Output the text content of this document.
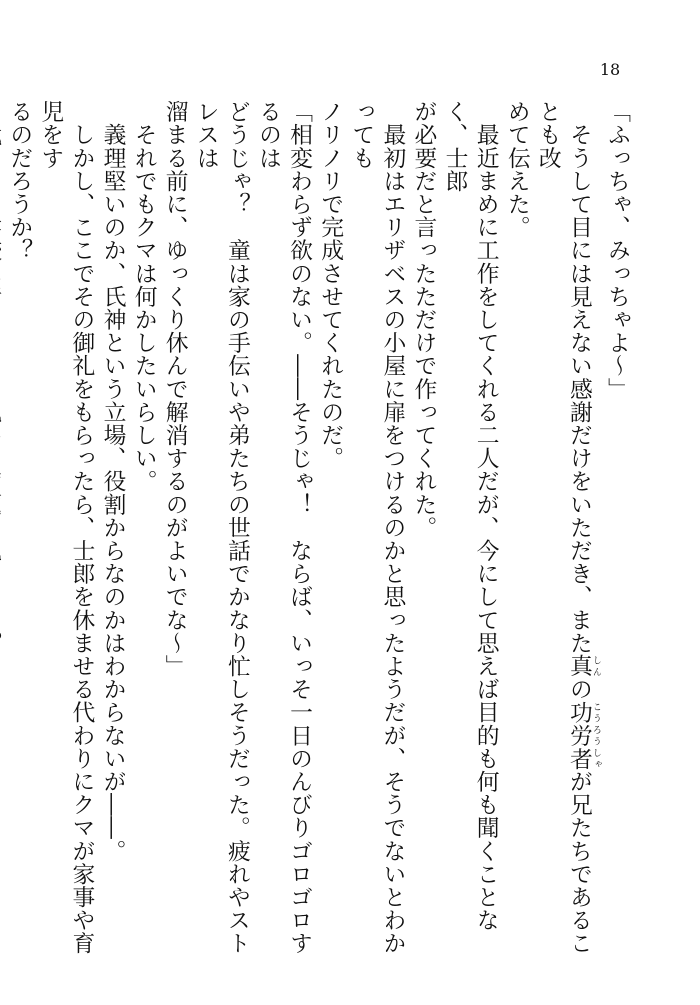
18

「ふっちゃ、みっちゃよ～」

　そうして目には見えない感謝だけをいただき、また真 しんの功労者 こうろうしゃが兄たちであることも改

めて伝えた。

　最近まめに工作をしてくれる二人だが、今にして思えば目的も何も聞くことなく、士郎

が必要だと言ったただけで作ってくれた。

　最初はエリザベスの小屋に扉をつけるのかと思ったようだが、そうでないとわかっても

ノリノリで完成させてくれたのだ。

「相変わらず欲のない。――そうじゃ！　ならば、いっそ一日のんびりゴロゴロするのは

どうじゃ？　童は家の手伝いや弟たちの世話でかなり忙しそうだった。疲れやストレスは

溜まる前に、ゆっくり休んで解消するのがよいでな～」

　それでもクマは何かしたいらしい。

　義理堅いのか、氏神という立場、役割からなのかはわからないが――。

　しかし、ここでその御礼をもらったら、士郎を休ませる代わりにクマが家事や育児をす

るのだろうか？
